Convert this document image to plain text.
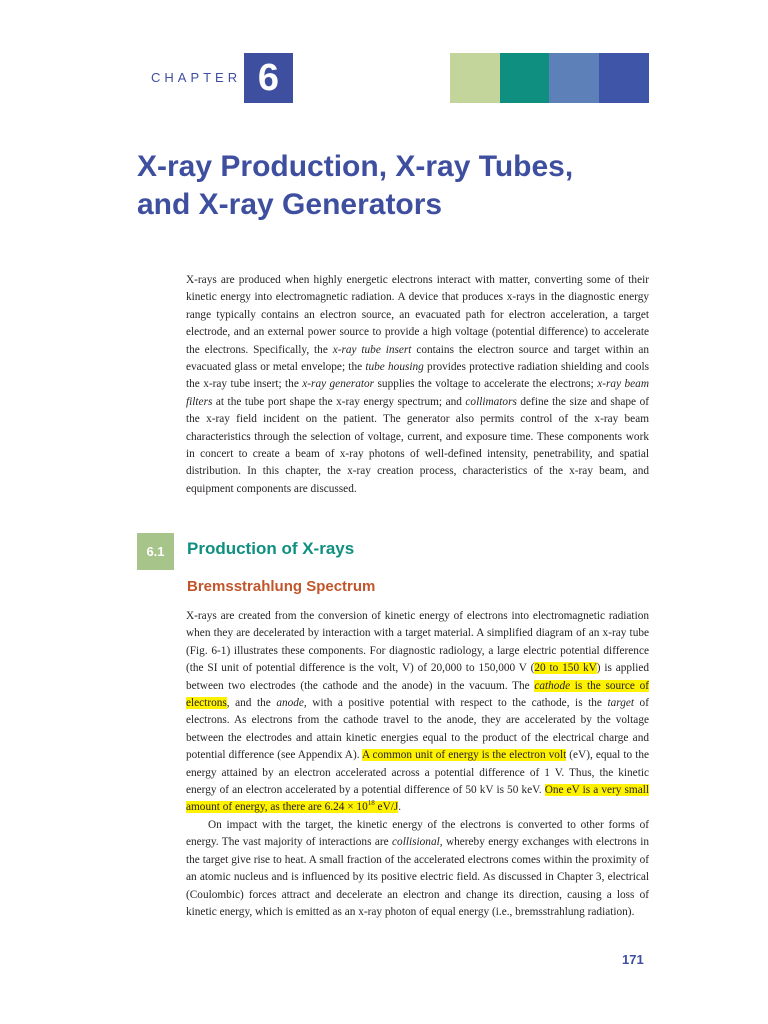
CHAPTER 6
X-ray Production, X-ray Tubes,
and X-ray Generators

X-rays are produced when highly energetic electrons interact with matter, converting some of their kinetic energy into electromagnetic radiation. A device that produces x-rays in the diagnostic energy range typically contains an electron source, an evacuated path for electron acceleration, a target electrode, and an external power source to provide a high voltage (potential difference) to accelerate the electrons. Specifically, the x-ray tube insert contains the electron source and target within an evacuated glass or metal envelope; the tube housing provides protective radiation shielding and cools the x-ray tube insert; the x-ray generator supplies the voltage to accelerate the electrons; x-ray beam filters at the tube port shape the x-ray energy spectrum; and collimators define the size and shape of the x-ray field incident on the patient. The generator also permits control of the x-ray beam characteristics through the selection of voltage, current, and exposure time. These components work in concert to create a beam of x-ray photons of well-defined intensity, penetrability, and spatial distribution. In this chapter, the x-ray creation process, characteristics of the x-ray beam, and equipment components are discussed.

6.1	Production of X-rays
Bremsstrahlung Spectrum
X-rays are created from the conversion of kinetic energy of electrons into electromagnetic radiation when they are decelerated by interaction with a target material. A simplified diagram of an x-ray tube (Fig. 6-1) illustrates these components. For diagnostic radiology, a large electric potential difference (the SI unit of potential difference is the volt, V) of 20,000 to 150,000 V (20 to 150 kV) is applied between two electrodes (the cathode and the anode) in the vacuum. The cathode is the source of electrons, and the anode, with a positive potential with respect to the cathode, is the target of electrons. As electrons from the cathode travel to the anode, they are accelerated by the voltage between the electrodes and attain kinetic energies equal to the product of the electrical charge and potential difference (see Appendix A). A common unit of energy is the electron volt (eV), equal to the energy attained by an electron accelerated across a potential difference of 1 V. Thus, the kinetic energy of an electron accelerated by a potential difference of 50 kV is 50 keV. One eV is a very small amount of energy, as there are $6.24 \times 10^{18}$ eV/J.
On impact with the target, the kinetic energy of the electrons is converted to other forms of energy. The vast majority of interactions are collisional, whereby energy exchanges with electrons in the target give rise to heat. A small fraction of the accelerated electrons comes within the proximity of an atomic nucleus and is influenced by its positive electric field. As discussed in Chapter 3, electrical (Coulombic) forces attract and decelerate an electron and change its direction, causing a loss of kinetic energy, which is emitted as an x-ray photon of equal energy (i.e., bremsstrahlung radiation).
171
